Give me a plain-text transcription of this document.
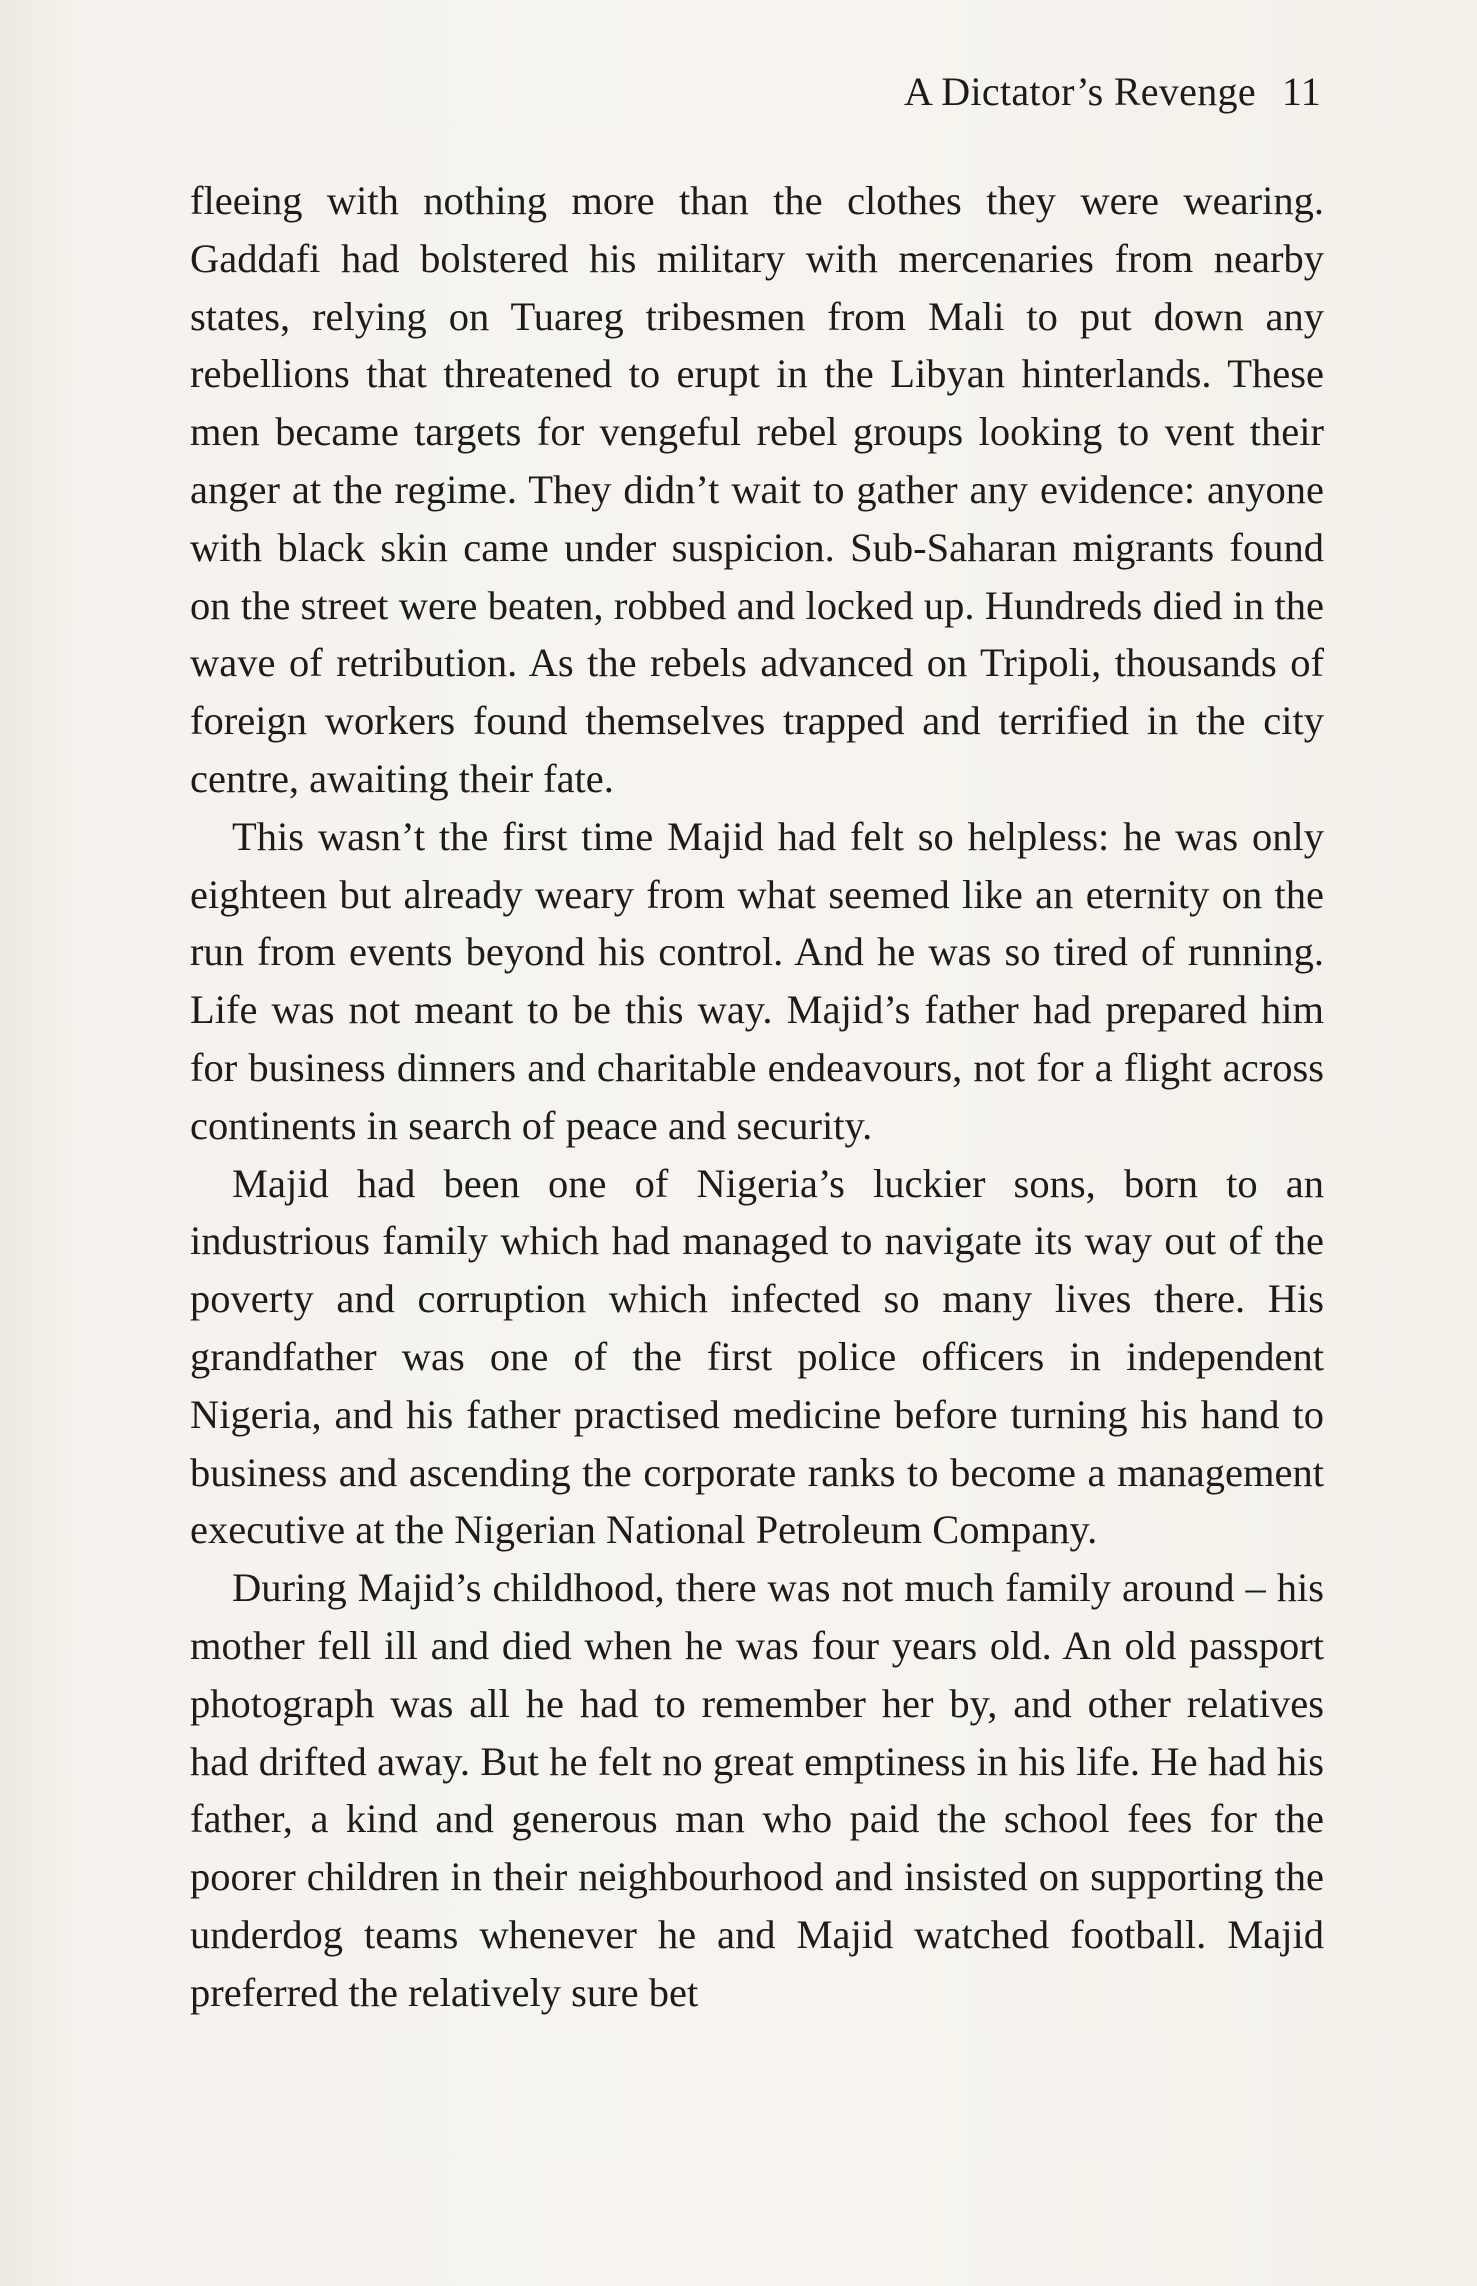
A Dictator’s Revenge 11

fleeing with nothing more than the clothes they were wearing. Gaddafi had bolstered his military with mercenaries from nearby states, relying on Tuareg tribesmen from Mali to put down any rebellions that threatened to erupt in the Libyan hinterlands. These men became targets for vengeful rebel groups looking to vent their anger at the regime. They didn’t wait to gather any evidence: anyone with black skin came under suspicion. Sub-Saharan migrants found on the street were beaten, robbed and locked up. Hundreds died in the wave of retribution. As the rebels advanced on Tripoli, thousands of foreign workers found themselves trapped and terrified in the city centre, awaiting their fate.

This wasn’t the first time Majid had felt so helpless: he was only eighteen but already weary from what seemed like an eternity on the run from events beyond his control. And he was so tired of running. Life was not meant to be this way. Majid’s father had prepared him for business dinners and charitable endeavours, not for a flight across continents in search of peace and security.

Majid had been one of Nigeria’s luckier sons, born to an industrious family which had managed to navigate its way out of the poverty and corruption which infected so many lives there. His grandfather was one of the first police officers in independent Nigeria, and his father practised medicine before turning his hand to business and ascending the corporate ranks to become a management executive at the Nigerian National Petroleum Company.

During Majid’s childhood, there was not much family around – his mother fell ill and died when he was four years old. An old passport photograph was all he had to remember her by, and other relatives had drifted away. But he felt no great emptiness in his life. He had his father, a kind and generous man who paid the school fees for the poorer children in their neighbourhood and insisted on supporting the underdog teams whenever he and Majid watched football. Majid preferred the relatively sure bet
